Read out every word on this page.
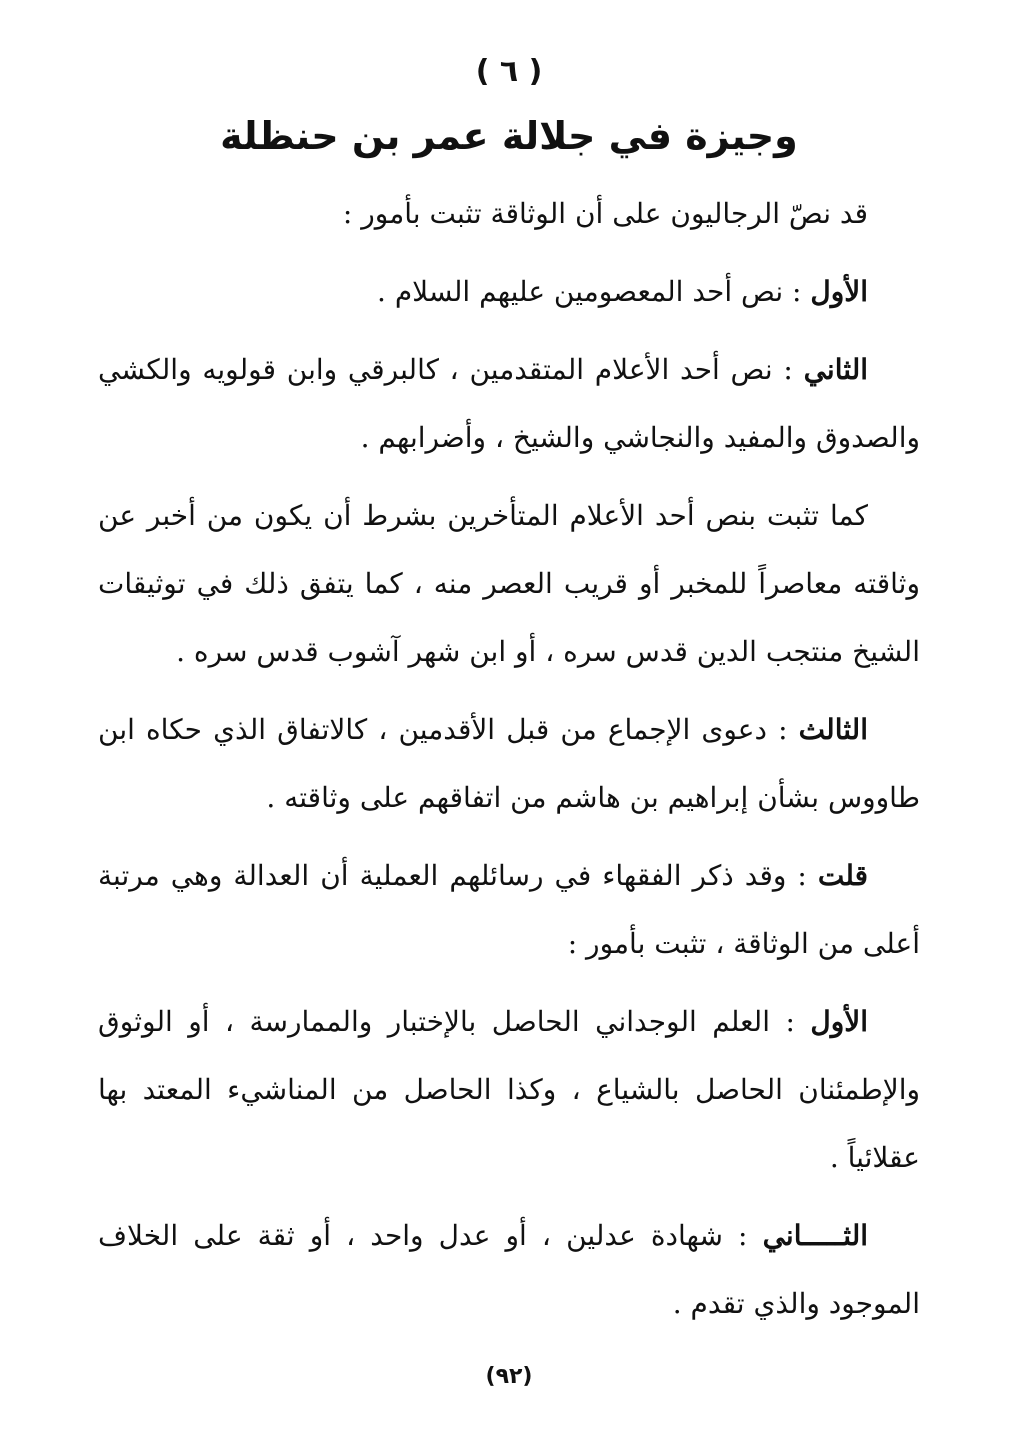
( ٦ )
وجيزة في جلالة عمر بن حنظلة

قد نصّ الرجاليون على أن الوثاقة تثبت بأمور :

الأول : نص أحد المعصومين عليهم السلام .

الثاني : نص أحد الأعلام المتقدمين ، كالبرقي وابن قولويه والكشي والصدوق والمفيد والنجاشي والشيخ ، وأضرابهم .

كما تثبت بنص أحد الأعلام المتأخرين بشرط أن يكون من أخبر عن وثاقته معاصراً للمخبر أو قريب العصر منه ، كما يتفق ذلك في توثيقات الشيخ منتجب الدين قدس سره ، أو ابن شهر آشوب قدس سره .

الثالث : دعوى الإجماع من قبل الأقدمين ، كالاتفاق الذي حكاه ابن طاووس بشأن إبراهيم بن هاشم من اتفاقهم على وثاقته .

قلت : وقد ذكر الفقهاء في رسائلهم العملية أن العدالة وهي مرتبة أعلى من الوثاقة ، تثبت بأمور :

الأول : العلم الوجداني الحاصل بالإختبار والممارسة ، أو الوثوق والإطمئنان الحاصل بالشياع ، وكذا الحاصل من المناشيء المعتد بها عقلائياً .

الثـــــاني : شهادة عدلين ، أو عدل واحد ، أو ثقة على الخلاف الموجود والذي تقدم .

(٩٢)
